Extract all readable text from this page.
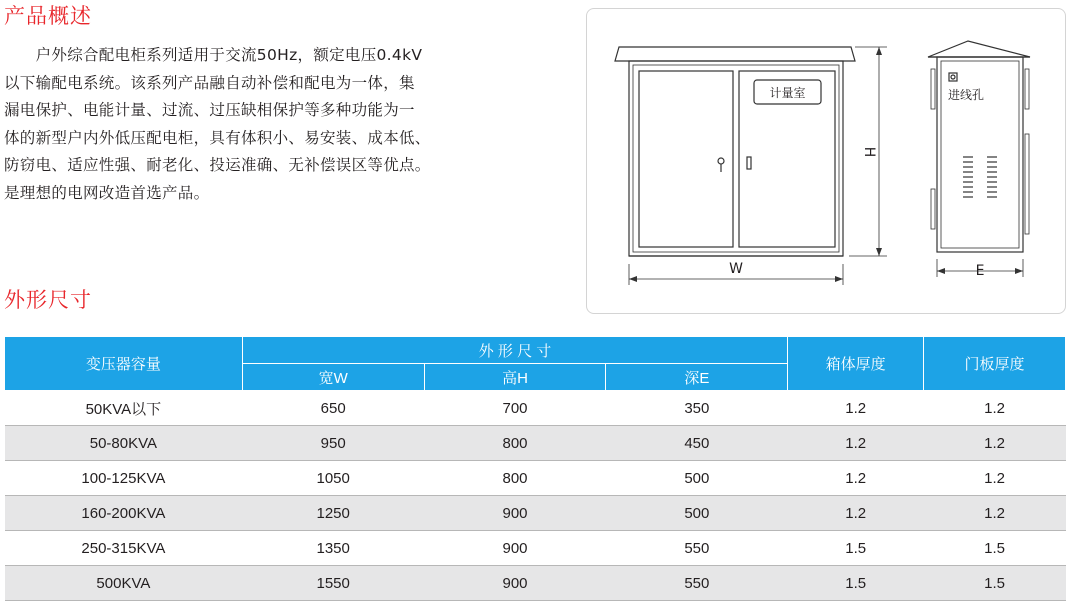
产品概述

　　户外综合配电柜系列适用于交流50Hz，额定电压0.4kV
以下输配电系统。该系列产品融自动补偿和配电为一体，集
漏电保护、电能计量、过流、过压缺相保护等多种功能为一
体的新型户内外低压配电柜，具有体积小、易安装、成本低、
防窃电、适应性强、耐老化、投运准确、无补偿误区等优点。
是理想的电网改造首选产品。

计量室	进线孔
W
H
E
外形尺寸
变压器容量	外 形 尺 寸			箱体厚度	门板厚度
	宽W	高H	深E		
50KVA以下	650	700	350	1.2	1.2
50-80KVA	950	800	450	1.2	1.2
100-125KVA	1050	800	500	1.2	1.2
160-200KVA	1250	900	500	1.2	1.2
250-315KVA	1350	900	550	1.5	1.5
500KVA	1550	900	550	1.5	1.5
